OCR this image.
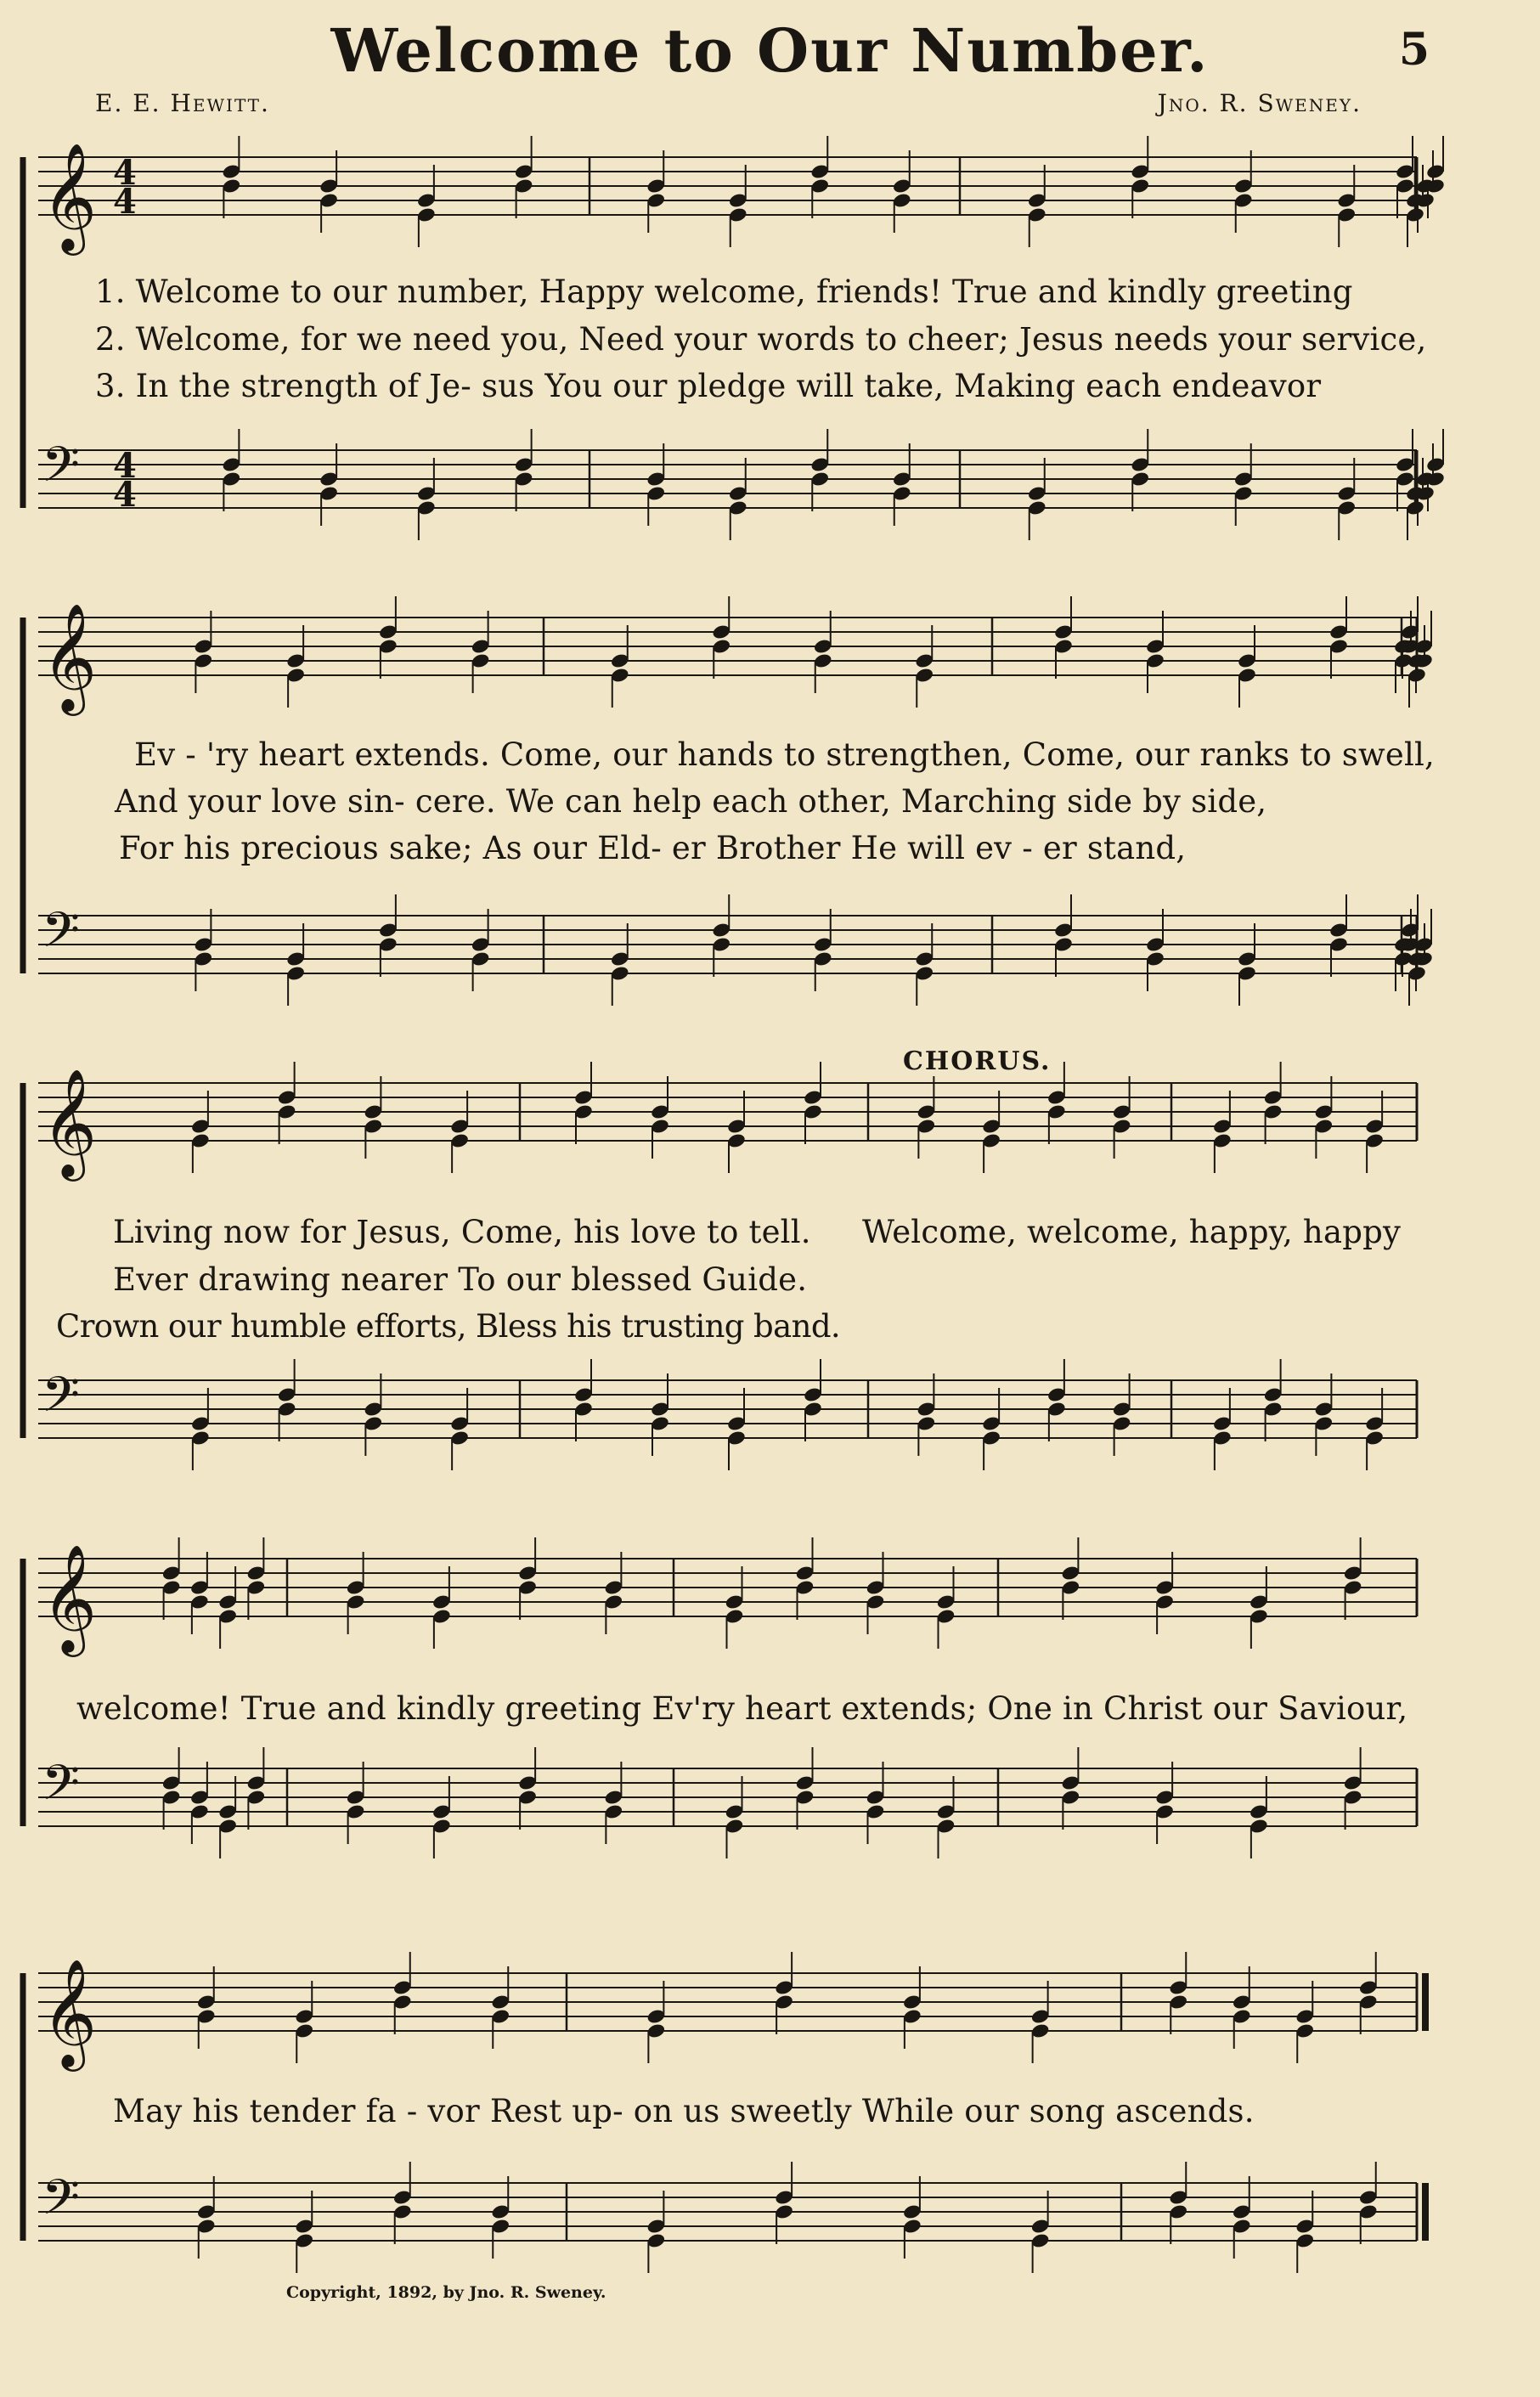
Welcome to Our Number.	5
E. E. Hewitt.	Jno. R. Sweney.
𝄞 4
4
𝄢 4
4
𝄞
𝄢
𝄞
𝄢
𝄞
𝄢
𝄞
𝄢
1. Welcome to our number, Happy welcome, friends! True and kindly greeting
2. Welcome, for we need you, Need your words to cheer; Jesus needs your service,
3. In the strength of Je- sus You our pledge will take, Making each endeavor
Ev - 'ry heart extends. Come, our hands to strengthen, Come, our ranks to swell,
And your love sin- cere. We can help each other, Marching side by side,
For his precious sake; As our Eld- er Brother He will ev - er stand,
CHORUS.
Living now for Jesus, Come, his love to tell. Welcome, welcome, happy, happy
Ever drawing nearer To our blessed Guide.
Crown our humble efforts, Bless his trusting band.
welcome! True and kindly greeting Ev'ry heart extends; One in Christ our Saviour,
May his tender fa - vor Rest up- on us sweetly While our song ascends.
Copyright, 1892, by Jno. R. Sweney.
